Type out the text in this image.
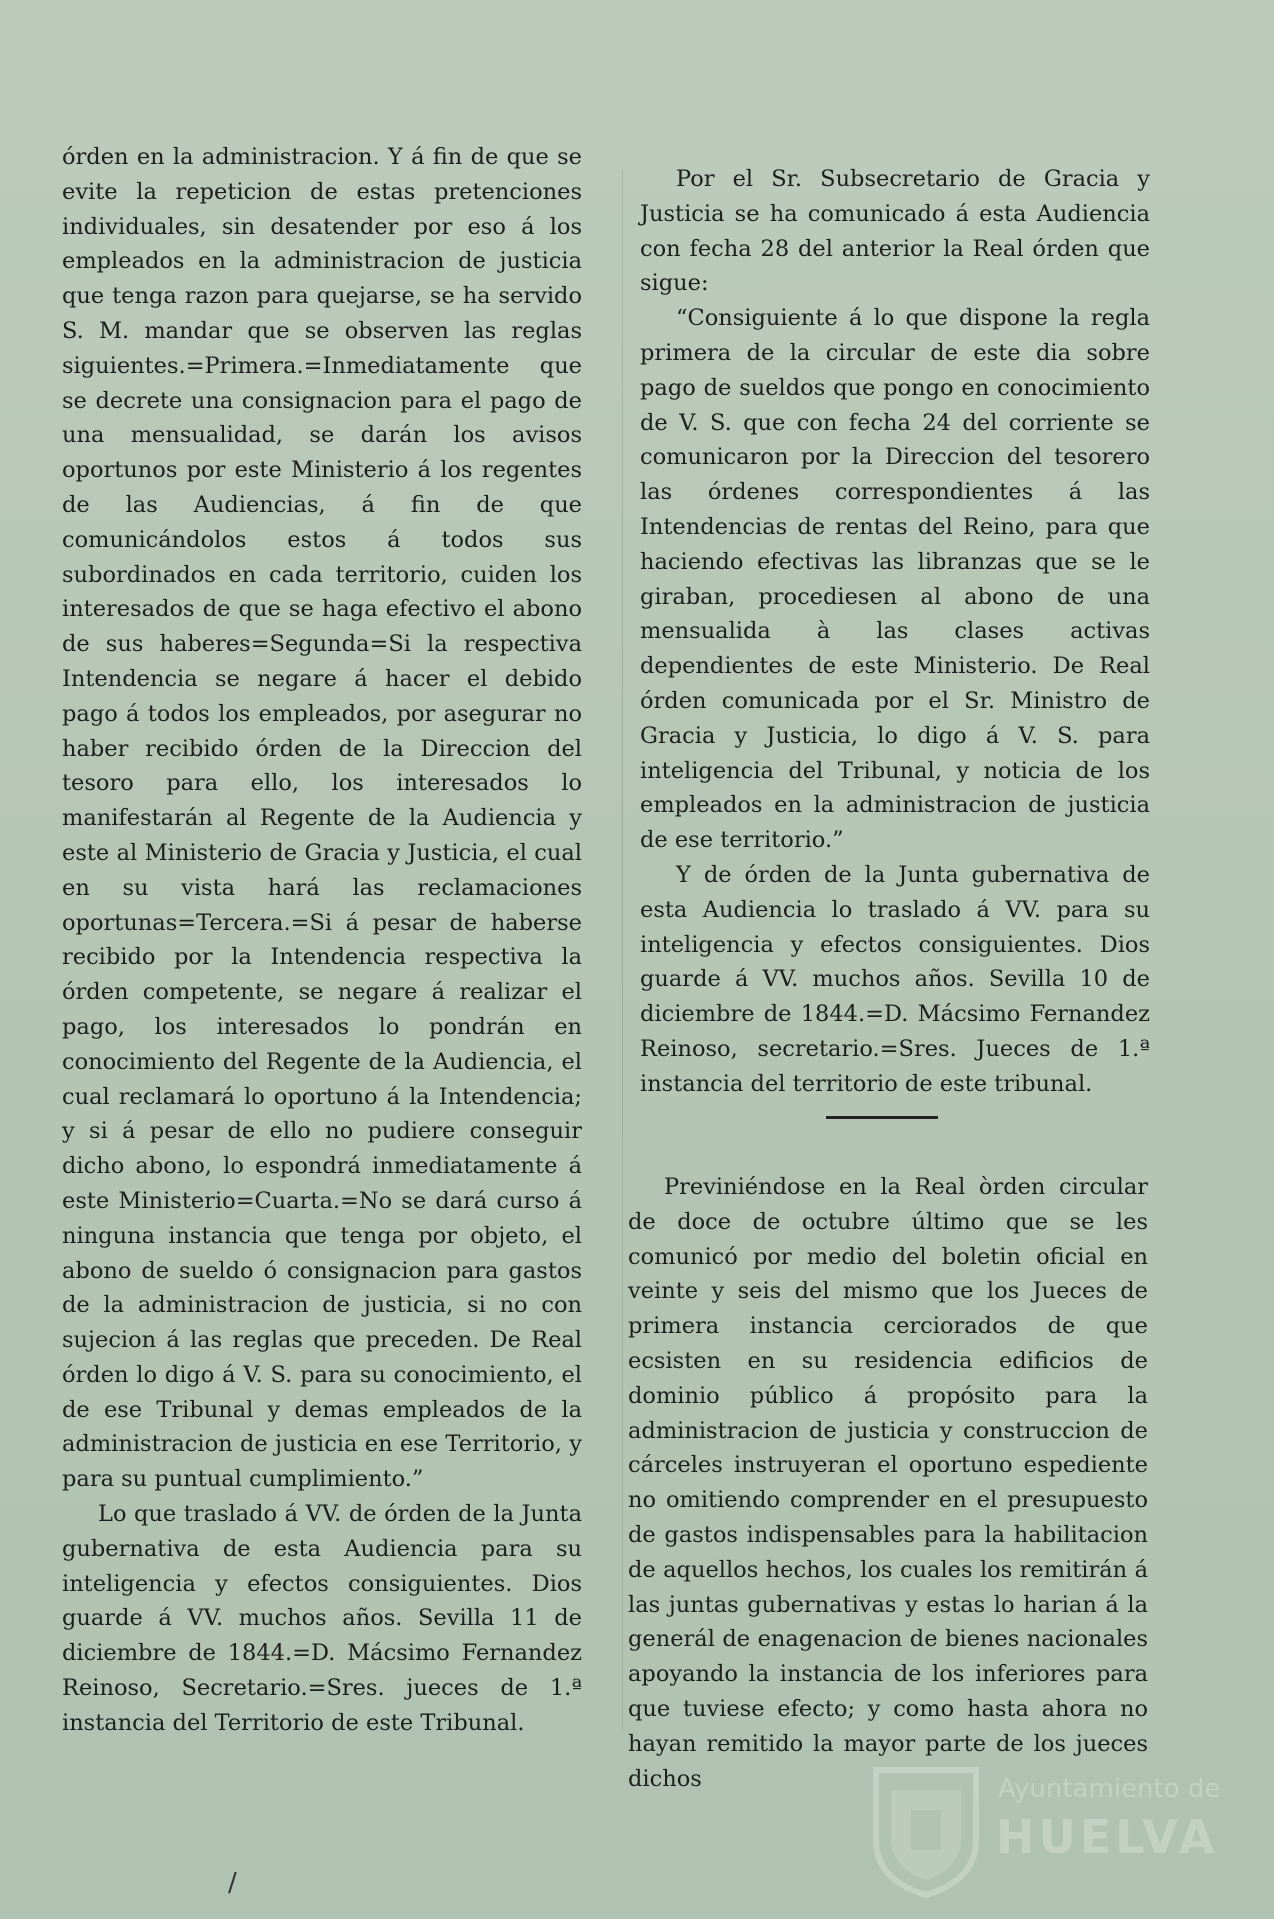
órden en la administracion. Y á fin de que se evite la repeticion de estas pretenciones individuales, sin desatender por eso á los empleados en la administracion de justicia que tenga razon para quejarse, se ha servido S. M. mandar que se observen las reglas siguientes.=Primera.=Inmediatamente que se decrete una consignacion para el pago de una mensualidad, se darán los avisos oportunos por este Ministerio á los regentes de las Audiencias, á fin de que comunicándolos estos á todos sus subordinados en cada territorio, cuiden los interesados de que se haga efectivo el abono de sus haberes=Segunda=Si la respectiva Intendencia se negare á hacer el debido pago á todos los empleados, por asegurar no haber recibido órden de la Direccion del tesoro para ello, los interesados lo manifestarán al Regente de la Audiencia y este al Ministerio de Gracia y Justicia, el cual en su vista hará las reclamaciones oportunas=Tercera.=Si á pesar de haberse recibido por la Intendencia respectiva la órden competente, se negare á realizar el pago, los interesados lo pondrán en conocimiento del Regente de la Audiencia, el cual reclamará lo oportuno á la Intendencia; y si á pesar de ello no pudiere conseguir dicho abono, lo espondrá inmediatamente á este Ministerio=Cuarta.=No se dará curso á ninguna instancia que tenga por objeto, el abono de sueldo ó consignacion para gastos de la administracion de justicia, si no con sujecion á las reglas que preceden. De Real órden lo digo á V. S. para su conocimiento, el de ese Tribunal y demas empleados de la administracion de justicia en ese Territorio, y para su puntual cumplimiento.”

Lo que traslado á VV. de órden de la Junta gubernativa de esta Audiencia para su inteligencia y efectos consiguientes. Dios guarde á VV. muchos años. Sevilla 11 de diciembre de 1844.=D. Mácsimo Fernandez Reinoso, Secretario.=Sres. jueces de 1.ª instancia del Territorio de este Tribunal.

Por el Sr. Subsecretario de Gracia y Justicia se ha comunicado á esta Audiencia con fecha 28 del anterior la Real órden que sigue:

“Consiguiente á lo que dispone la regla primera de la circular de este dia sobre pago de sueldos que pongo en conocimiento de V. S. que con fecha 24 del corriente se comunicaron por la Direccion del tesorero las órdenes correspondientes á las Intendencias de rentas del Reino, para que haciendo efectivas las libranzas que se le giraban, procediesen al abono de una mensualida à las clases activas dependientes de este Ministerio. De Real órden comunicada por el Sr. Ministro de Gracia y Justicia, lo digo á V. S. para inteligencia del Tribunal, y noticia de los empleados en la administracion de justicia de ese territorio.”

Y de órden de la Junta gubernativa de esta Audiencia lo traslado á VV. para su inteligencia y efectos consiguientes. Dios guarde á VV. muchos años. Sevilla 10 de diciembre de 1844.=D. Mácsimo Fernandez Reinoso, secretario.=Sres. Jueces de 1.ª instancia del territorio de este tribunal.

Previniéndose en la Real òrden circular de doce de octubre último que se les comunicó por medio del boletin oficial en veinte y seis del mismo que los Jueces de primera instancia cerciorados de que ecsisten en su residencia edificios de dominio público á propósito para la administracion de justicia y construccion de cárceles instruyeran el oportuno espediente no omitiendo comprender en el presupuesto de gastos indispensables para la habilitacion de aquellos hechos, los cuales los remitirán á las juntas gubernativas y estas lo harian á la generál de enagenacion de bienes nacionales apoyando la instancia de los inferiores para que tuviese efecto; y como hasta ahora no hayan remitido la mayor parte de los jueces dichos

/
Ayuntamiento de
HUELVA
